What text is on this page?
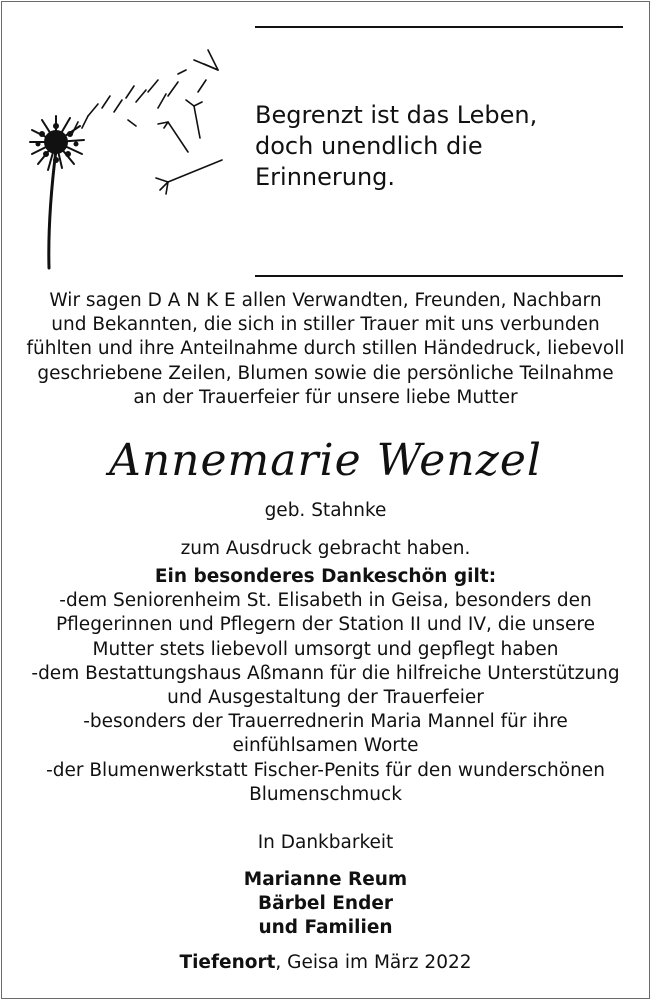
Begrenzt ist das Leben,
doch unendlich die
Erinnerung.
Wir sagen D A N K E allen Verwandten, Freunden, Nachbarn
und Bekannten, die sich in stiller Trauer mit uns verbunden
fühlten und ihre Anteilnahme durch stillen Händedruck, liebevoll
geschriebene Zeilen, Blumen sowie die persönliche Teilnahme
an der Trauerfeier für unsere liebe Mutter
Annemarie Wenzel
geb. Stahnke
zum Ausdruck gebracht haben.
Ein besonderes Dankeschön gilt:
-dem Seniorenheim St. Elisabeth in Geisa, besonders den
Pflegerinnen und Pflegern der Station II und IV, die unsere
Mutter stets liebevoll umsorgt und gepflegt haben
-dem Bestattungshaus Aßmann für die hilfreiche Unterstützung
und Ausgestaltung der Trauerfeier
-besonders der Trauerrednerin Maria Mannel für ihre
einfühlsamen Worte
-der Blumenwerkstatt Fischer-Penits für den wunderschönen
Blumenschmuck
In Dankbarkeit
Marianne Reum
Bärbel Ender
und Familien
Tiefenort, Geisa im März 2022
